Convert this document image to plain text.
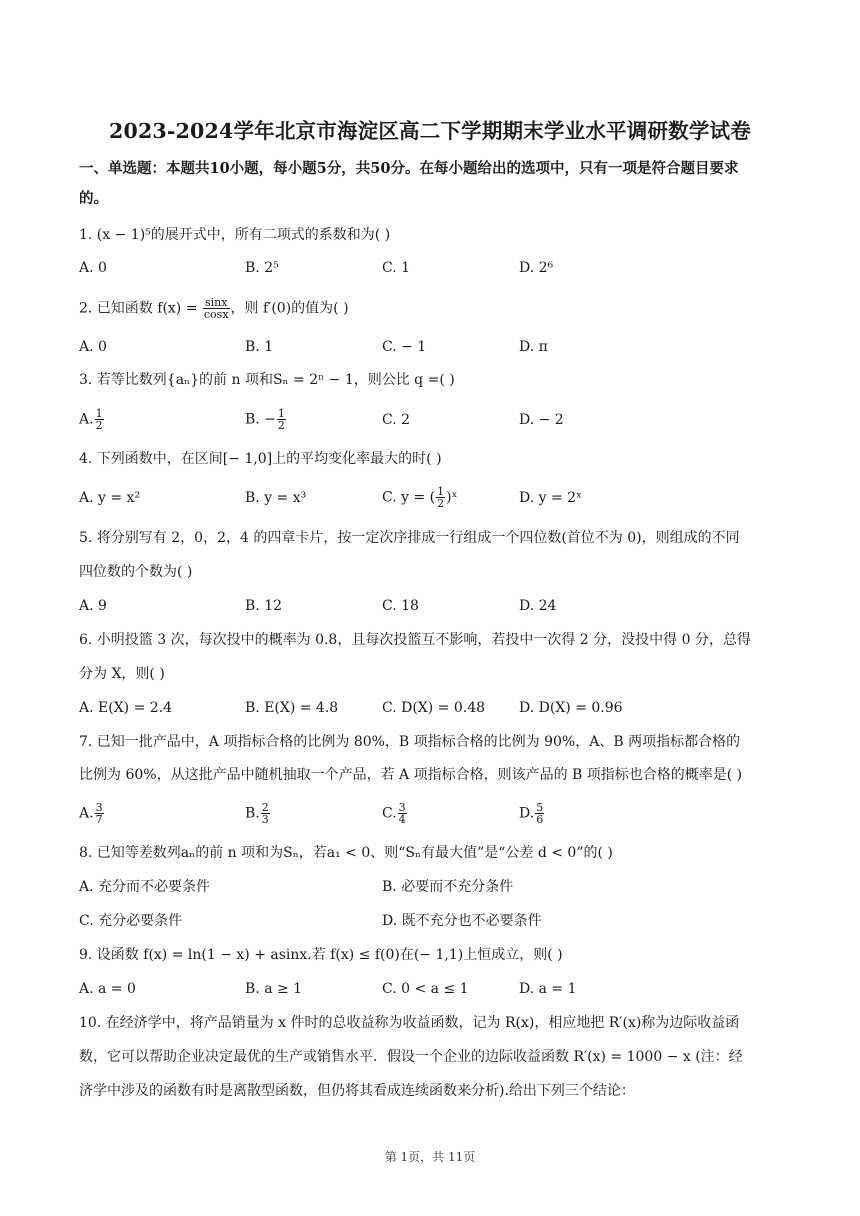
2023-2024学年北京市海淀区高二下学期期末学业水平调研数学试卷
一、单选题：本题共10小题，每小题5分，共50分。在每小题给出的选项中，只有一项是符合题目要求
的。
1. (x − 1)⁵的展开式中，所有二项式的系数和为( )
A. 0	B. 2⁵	C. 1	D. 2⁶
2. 已知函数 $f(x) = \frac{\sin x}{\cos x}$ ，则 f′(0)的值为( )
A. 0	B. 1	C. − 1	D. π
3. 若等比数列{aₙ}的前 n 项和Sₙ = 2ⁿ − 1，则公比 q =( )
A. $\frac{1}{2}$	B. − $\frac{1}{2}$	C. 2	D. − 2
4. 下列函数中，在区间[− 1,0]上的平均变化率最大的时( )
A. y = x²	B. y = x³	C. y = ( $\frac{1}{2}$ )ˣ	D. y = 2ˣ
5. 将分别写有 2，0，2，4 的四章卡片，按一定次序排成一行组成一个四位数(首位不为 0)，则组成的不同
四位数的个数为( )
A. 9	B. 12	C. 18	D. 24
6. 小明投篮 3 次，每次投中的概率为 0.8，且每次投篮互不影响，若投中一次得 2 分，没投中得 0 分，总得
分为 X，则( )
A. E(X) = 2.4	B. E(X) = 4.8	C. D(X) = 0.48 D. D(X) = 0.96
7. 已知一批产品中，A 项指标合格的比例为 80%，B 项指标合格的比例为 90%，A、B 两项指标都合格的
比例为 60%，从这批产品中随机抽取一个产品，若 A 项指标合格，则该产品的 B 项指标也合格的概率是( )
A. $\frac{3}{7}$	B. $\frac{2}{3}$	C. $\frac{3}{4}$	D. $\frac{5}{6}$
8. 已知等差数列aₙ的前 n 项和为Sₙ，若a₁ < 0、则“Sₙ有最大值”是“公差 d < 0”的( )
A. 充分而不必要条件	B. 必要而不充分条件
C. 充分必要条件	D. 既不充分也不必要条件
9. 设函数 f(x) = ln(1 − x) + asinx.若 f(x) ≤ f(0)在(− 1,1)上恒成立，则( )
A. a = 0	B. a ≥ 1	C. 0 < a ≤ 1	D. a = 1
10. 在经济学中，将产品销量为 x 件时的总收益称为收益函数，记为 R(x)，相应地把 R′(x)称为边际收益函
数，它可以帮助企业决定最优的生产或销售水平．假设一个企业的边际收益函数 R′(x) = 1000 − x (注：经
济学中涉及的函数有时是离散型函数，但仍将其看成连续函数来分析).给出下列三个结论：
第 1页，共 11页
